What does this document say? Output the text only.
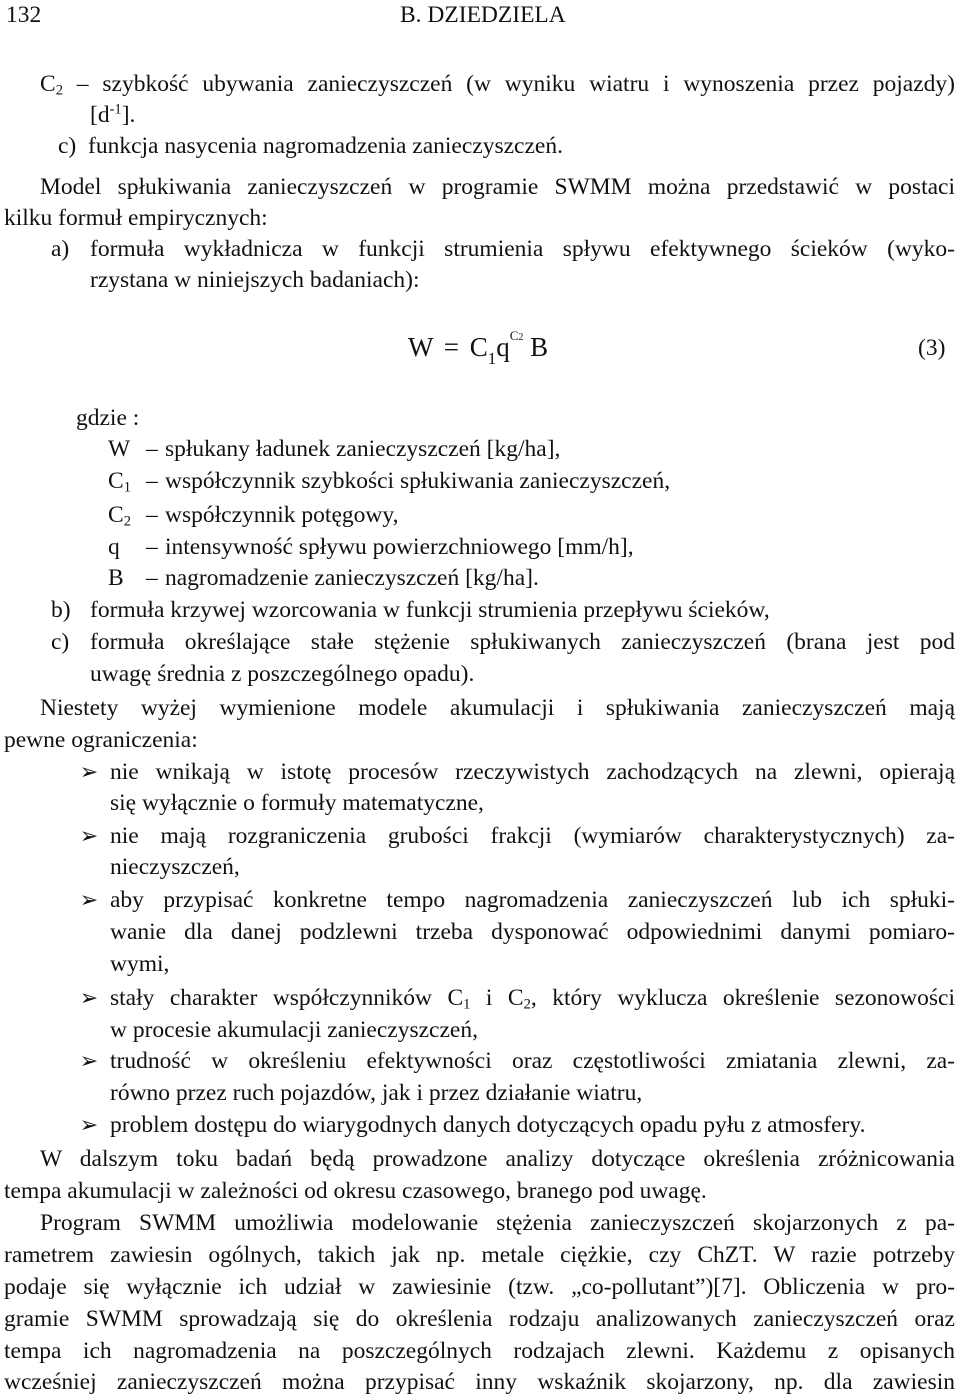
132	B. DZIEDZIELA
$C_2$ – szybkość ubywania zanieczyszczeń (w wyniku wiatru i wynoszenia przez pojazdy)
$[d^{-1}]$.
c)  funkcja nasycenia nagromadzenia zanieczyszczeń.
Model spłukiwania zanieczyszczeń w programie SWMM można przedstawić w postaci
kilku formuł empirycznych:
a) formuła wykładnicza w funkcji strumienia spływu efektywnego ścieków (wyko-
rzystana w niniejszych badaniach):
$W = C_1q^{C2}$ B	(3)
gdzie :
W – spłukany ładunek zanieczyszczeń [kg/ha],
$C_1$ – współczynnik szybkości spłukiwania zanieczyszczeń,
$C_2$ – współczynnik potęgowy,
q – intensywność spływu powierzchniowego [mm/h],
B – nagromadzenie zanieczyszczeń [kg/ha].
b) formuła krzywej wzorcowania w funkcji strumienia przepływu ścieków,
c) formuła określające stałe stężenie spłukiwanych zanieczyszczeń (brana jest pod
uwagę średnia z poszczególnego opadu).
Niestety wyżej wymienione modele akumulacji i spłukiwania zanieczyszczeń mają
pewne ograniczenia:
➢ nie wnikają w istotę procesów rzeczywistych zachodzących na zlewni, opierają
się wyłącznie o formuły matematyczne,
➢ nie mają rozgraniczenia grubości frakcji (wymiarów charakterystycznych) za-
nieczyszczeń,
➢ aby przypisać konkretne tempo nagromadzenia zanieczyszczeń lub ich spłuki-
wanie dla danej podzlewni trzeba dysponować odpowiednimi danymi pomiaro-
wymi,
➢ stały charakter współczynników $C_1$ i $C_2$, który wyklucza określenie sezonowości
w procesie akumulacji zanieczyszczeń,
➢ trudność w określeniu efektywności oraz częstotliwości zmiatania zlewni, za-
równo przez ruch pojazdów, jak i przez działanie wiatru,
➢ problem dostępu do wiarygodnych danych dotyczących opadu pyłu z atmosfery.
W dalszym toku badań będą prowadzone analizy dotyczące określenia zróżnicowania
tempa akumulacji w zależności od okresu czasowego, branego pod uwagę.
Program SWMM umożliwia modelowanie stężenia zanieczyszczeń skojarzonych z pa-
rametrem zawiesin ogólnych, takich jak np. metale ciężkie, czy ChZT. W razie potrzeby
podaje się wyłącznie ich udział w zawiesinie (tzw. „co-pollutant”)[7]. Obliczenia w pro-
gramie SWMM sprowadzają się do określenia rodzaju analizowanych zanieczyszczeń oraz
tempa ich nagromadzenia na poszczególnych rodzajach zlewni. Każdemu z opisanych
wcześniej zanieczyszczeń można przypisać inny wskaźnik skojarzony, np. dla zawiesin
